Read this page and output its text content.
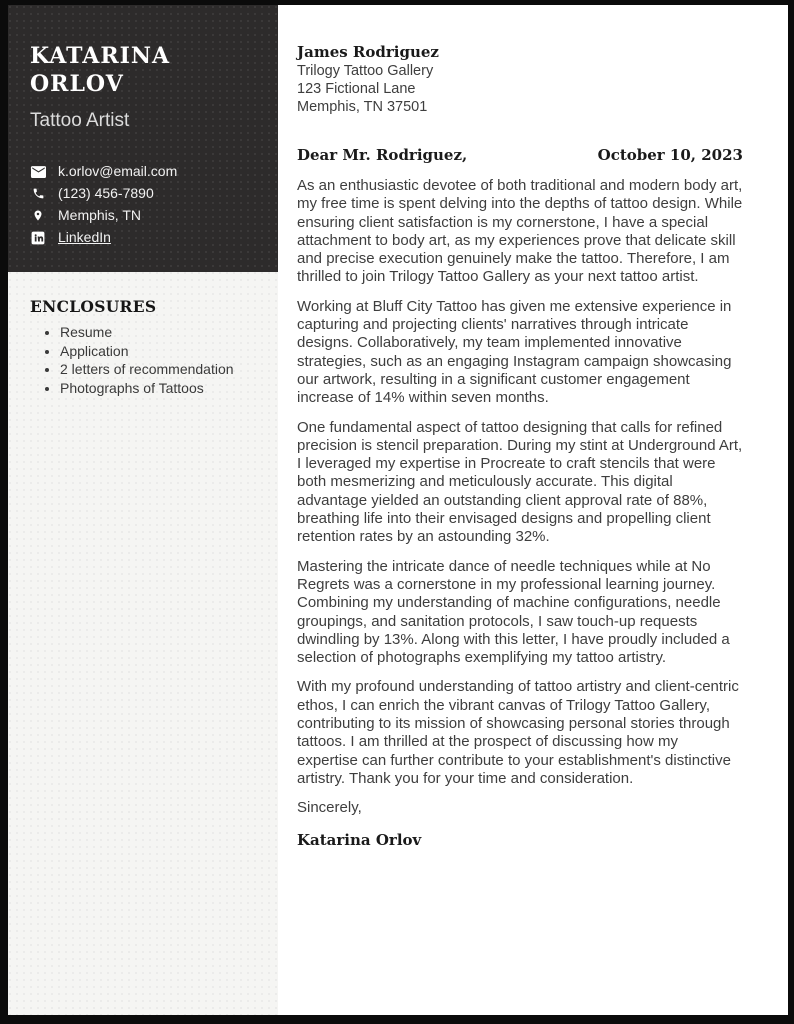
KATARINA ORLOV
Tattoo Artist
k.orlov@email.com
(123) 456-7890
Memphis, TN
LinkedIn
ENCLOSURES
• Resume
• Application
• 2 letters of recommendation
• Photographs of Tattoos
James Rodriguez
Trilogy Tattoo Gallery
123 Fictional Lane
Memphis, TN 37501
Dear Mr. Rodriguez,	October 10, 2023

As an enthusiastic devotee of both traditional and modern body art, my free time is spent delving into the depths of tattoo design. While ensuring client satisfaction is my cornerstone, I have a special attachment to body art, as my experiences prove that delicate skill and precise execution genuinely make the tattoo. Therefore, I am thrilled to join Trilogy Tattoo Gallery as your next tattoo artist.

Working at Bluff City Tattoo has given me extensive experience in capturing and projecting clients' narratives through intricate designs. Collaboratively, my team implemented innovative strategies, such as an engaging Instagram campaign showcasing our artwork, resulting in a significant customer engagement increase of 14% within seven months.

One fundamental aspect of tattoo designing that calls for refined precision is stencil preparation. During my stint at Underground Art, I leveraged my expertise in Procreate to craft stencils that were both mesmerizing and meticulously accurate. This digital advantage yielded an outstanding client approval rate of 88%, breathing life into their envisaged designs and propelling client retention rates by an astounding 32%.

Mastering the intricate dance of needle techniques while at No Regrets was a cornerstone in my professional learning journey. Combining my understanding of machine configurations, needle groupings, and sanitation protocols, I saw touch-up requests dwindling by 13%. Along with this letter, I have proudly included a selection of photographs exemplifying my tattoo artistry.

With my profound understanding of tattoo artistry and client-centric ethos, I can enrich the vibrant canvas of Trilogy Tattoo Gallery, contributing to its mission of showcasing personal stories through tattoos. I am thrilled at the prospect of discussing how my expertise can further contribute to your establishment's distinctive artistry. Thank you for your time and consideration.

Sincerely,
Katarina Orlov
